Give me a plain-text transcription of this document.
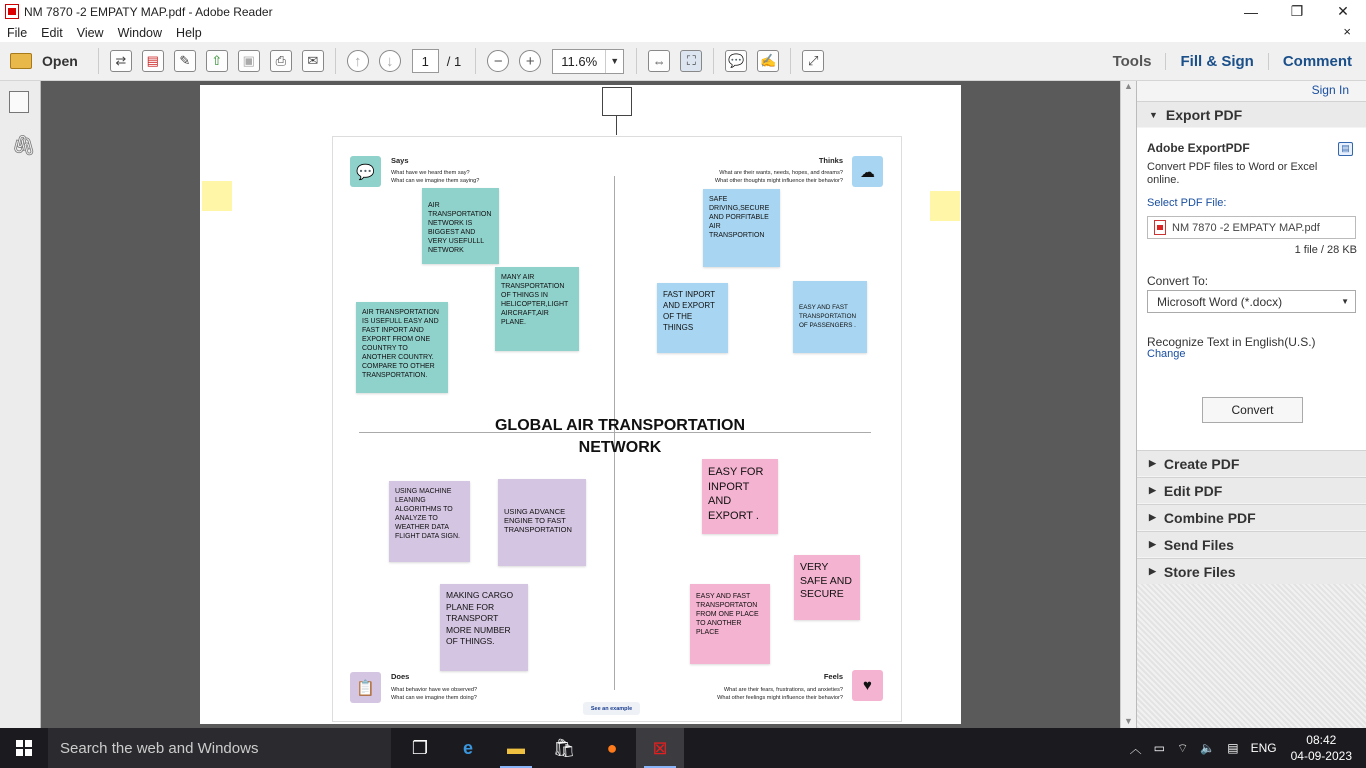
NM 7870 -2 EMPATY MAP.pdf - Adobe Reader	—	❐	✕
File	Edit	View	Window	Help	×
Open	⇄	▤	✎	⇧	▣	⎙	✉	↑	↓	1	/ 1	−	+	11.6%	▼	⇔	⛶	💬 ✍	⤢	Tools	Fill & Sign	Comment
🖇
▲
▼
💬
Says
What have we heard them say?
What can we imagine them saying?
☁
Thinks
What are their wants, needs, hopes, and dreams?
What other thoughts might influence their behavior?
📋
Does
What behavior have we observed?
What can we imagine them doing?
♥
Feels
What are their fears, frustrations, and anxieties?
What other feelings might influence their behavior?
AIR TRANSPORTATION NETWORK IS BIGGEST AND VERY USEFULLL NETWORK
MANY AIR TRANSPORTATION OF THINGS IN HELICOPTER,LIGHT AIRCRAFT,AIR PLANE.
AIR TRANSPORTATION IS USEFULL EASY AND FAST INPORT AND EXPORT FROM ONE COUNTRY TO ANOTHER COUNTRY. COMPARE TO OTHER TRANSPORTATION.
SAFE DRIVING,SECURE AND PORFITABLE AIR TRANSPORTION
FAST INPORT AND EXPORT OF THE THINGS
EASY AND FAST TRANSPORTATION OF PASSENGERS .
GLOBAL AIR TRANSPORTATION NETWORK
USING MACHINE LEANING ALGORITHMS TO ANALYZE TO WEATHER DATA FLIGHT DATA SIGN.
USING ADVANCE ENGINE TO FAST TRANSPORTATION
MAKING CARGO PLANE FOR TRANSPORT MORE NUMBER OF THINGS.
EASY FOR INPORT AND EXPORT .
VERY SAFE AND SECURE
EASY AND FAST TRANSPORTATON FROM ONE PLACE TO ANOTHER PLACE
See an example
Sign In
▼ Export PDF
Adobe ExportPDF	▤
Convert PDF files to Word or Excel online.
Select PDF File:
NM 7870 -2 EMPATY MAP.pdf
1 file / 28 KB
Convert To:
Microsoft Word (*.docx)	▼
Recognize Text in English(U.S.)
Change
Convert
▶ Create PDF
▶ Edit PDF
▶ Combine PDF
▶ Send Files
▶ Store Files
Search the web and Windows	❐	e	▬	🛍	●	⊠	︿ ▭ ⌔ 🔈 ▤ ENG
08:42
04-09-2023
